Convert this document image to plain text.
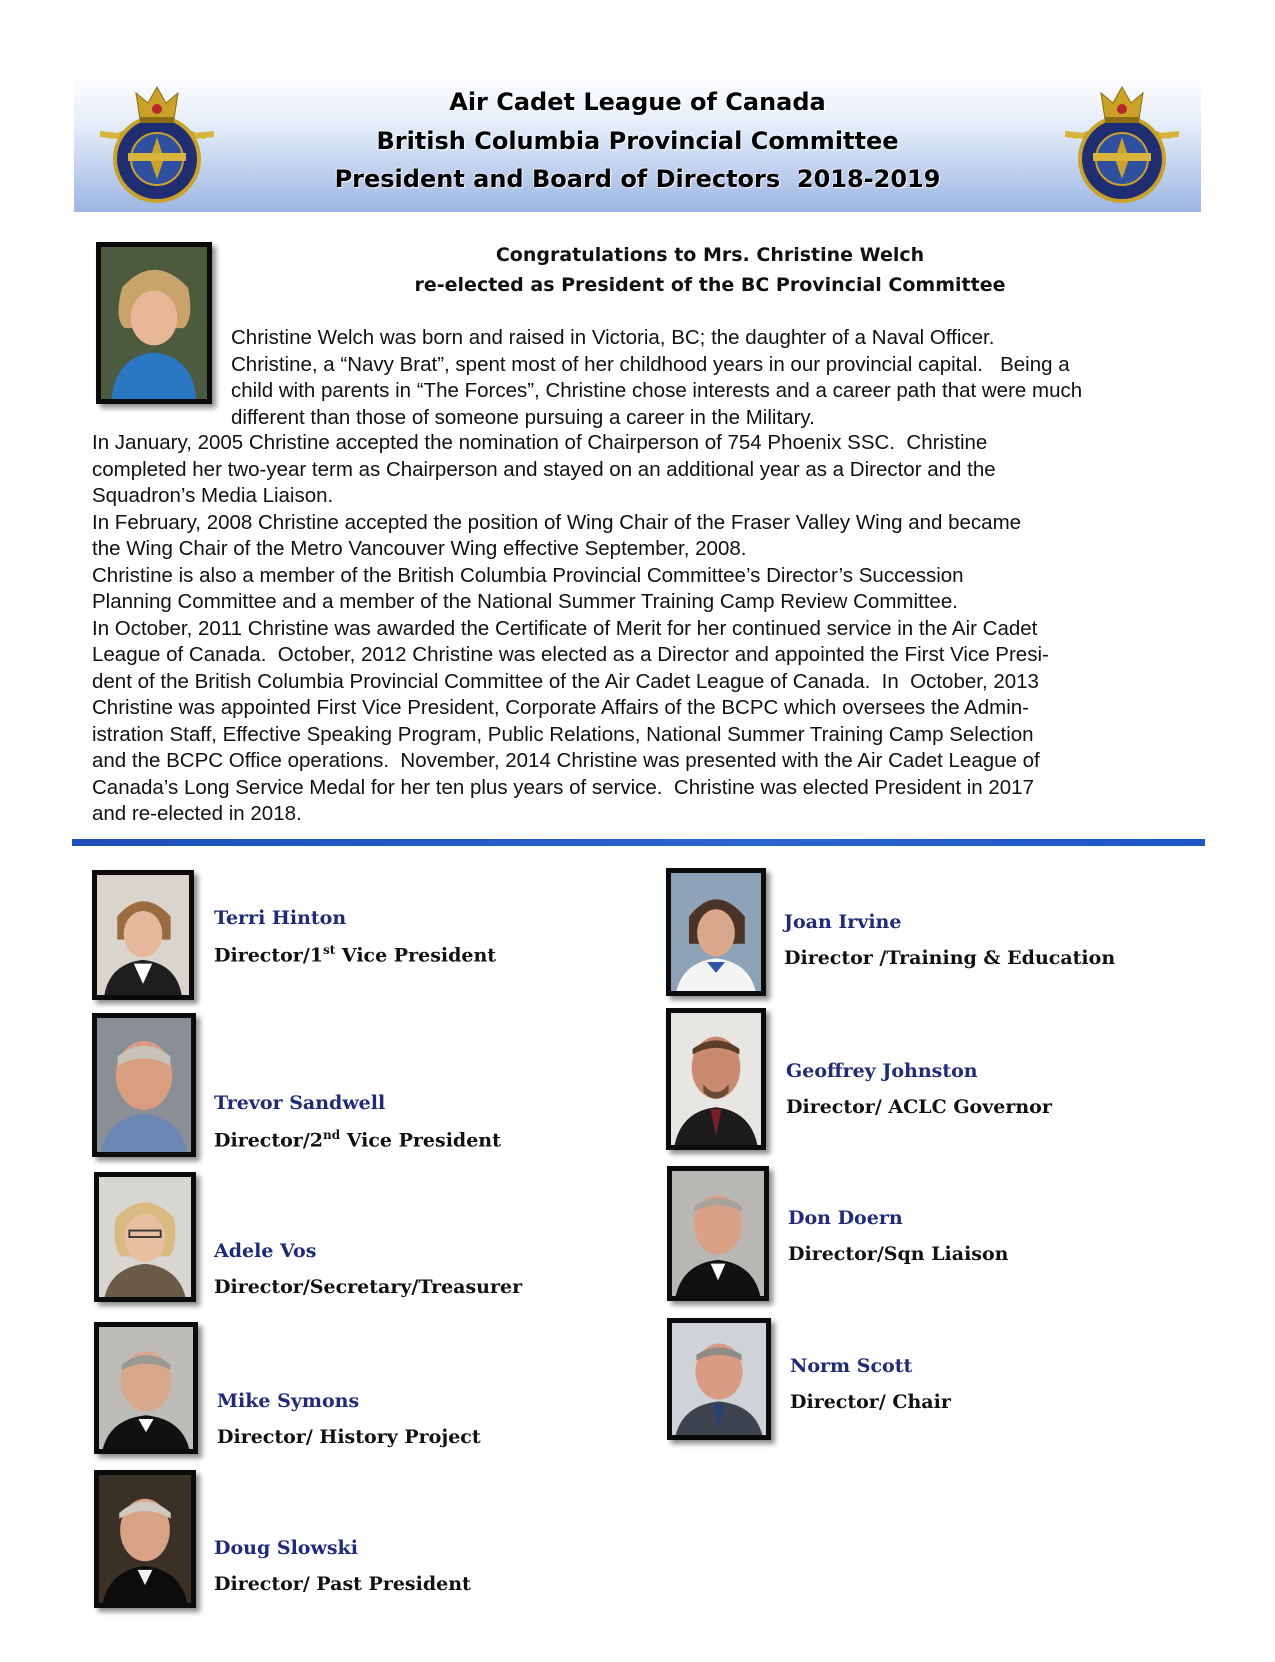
Air Cadet League of Canada
British Columbia Provincial Committee
President and Board of Directors  2018-2019
Congratulations to Mrs. Christine Welch
re-elected as President of the BC Provincial Committee
Christine Welch was born and raised in Victoria, BC; the daughter of a Naval Officer.
Christine, a “Navy Brat”, spent most of her childhood years in our provincial capital.   Being a
child with parents in “The Forces”, Christine chose interests and a career path that were much
different than those of someone pursuing a career in the Military.
In January, 2005 Christine accepted the nomination of Chairperson of 754 Phoenix SSC.  Christine
completed her two-year term as Chairperson and stayed on an additional year as a Director and the
Squadron’s Media Liaison.
In February, 2008 Christine accepted the position of Wing Chair of the Fraser Valley Wing and became
the Wing Chair of the Metro Vancouver Wing effective September, 2008.
Christine is also a member of the British Columbia Provincial Committee’s Director’s Succession
Planning Committee and a member of the National Summer Training Camp Review Committee.
In October, 2011 Christine was awarded the Certificate of Merit for her continued service in the Air Cadet
League of Canada.  October, 2012 Christine was elected as a Director and appointed the First Vice Presi-
dent of the British Columbia Provincial Committee of the Air Cadet League of Canada.  In  October, 2013
Christine was appointed First Vice President, Corporate Affairs of the BCPC which oversees the Admin-
istration Staff, Effective Speaking Program, Public Relations, National Summer Training Camp Selection
and the BCPC Office operations.  November, 2014 Christine was presented with the Air Cadet League of
Canada’s Long Service Medal for her ten plus years of service.  Christine was elected President in 2017
and re-elected in 2018.
Terri Hinton
Director/1st Vice President
Trevor Sandwell
Director/2nd Vice President
Adele Vos
Director/Secretary/Treasurer
Mike Symons
Director/ History Project
Doug Slowski
Director/ Past President
Joan Irvine
Director /Training & Education
Geoffrey Johnston
Director/ ACLC Governor
Don Doern
Director/Sqn Liaison
Norm Scott
Director/ Chair
